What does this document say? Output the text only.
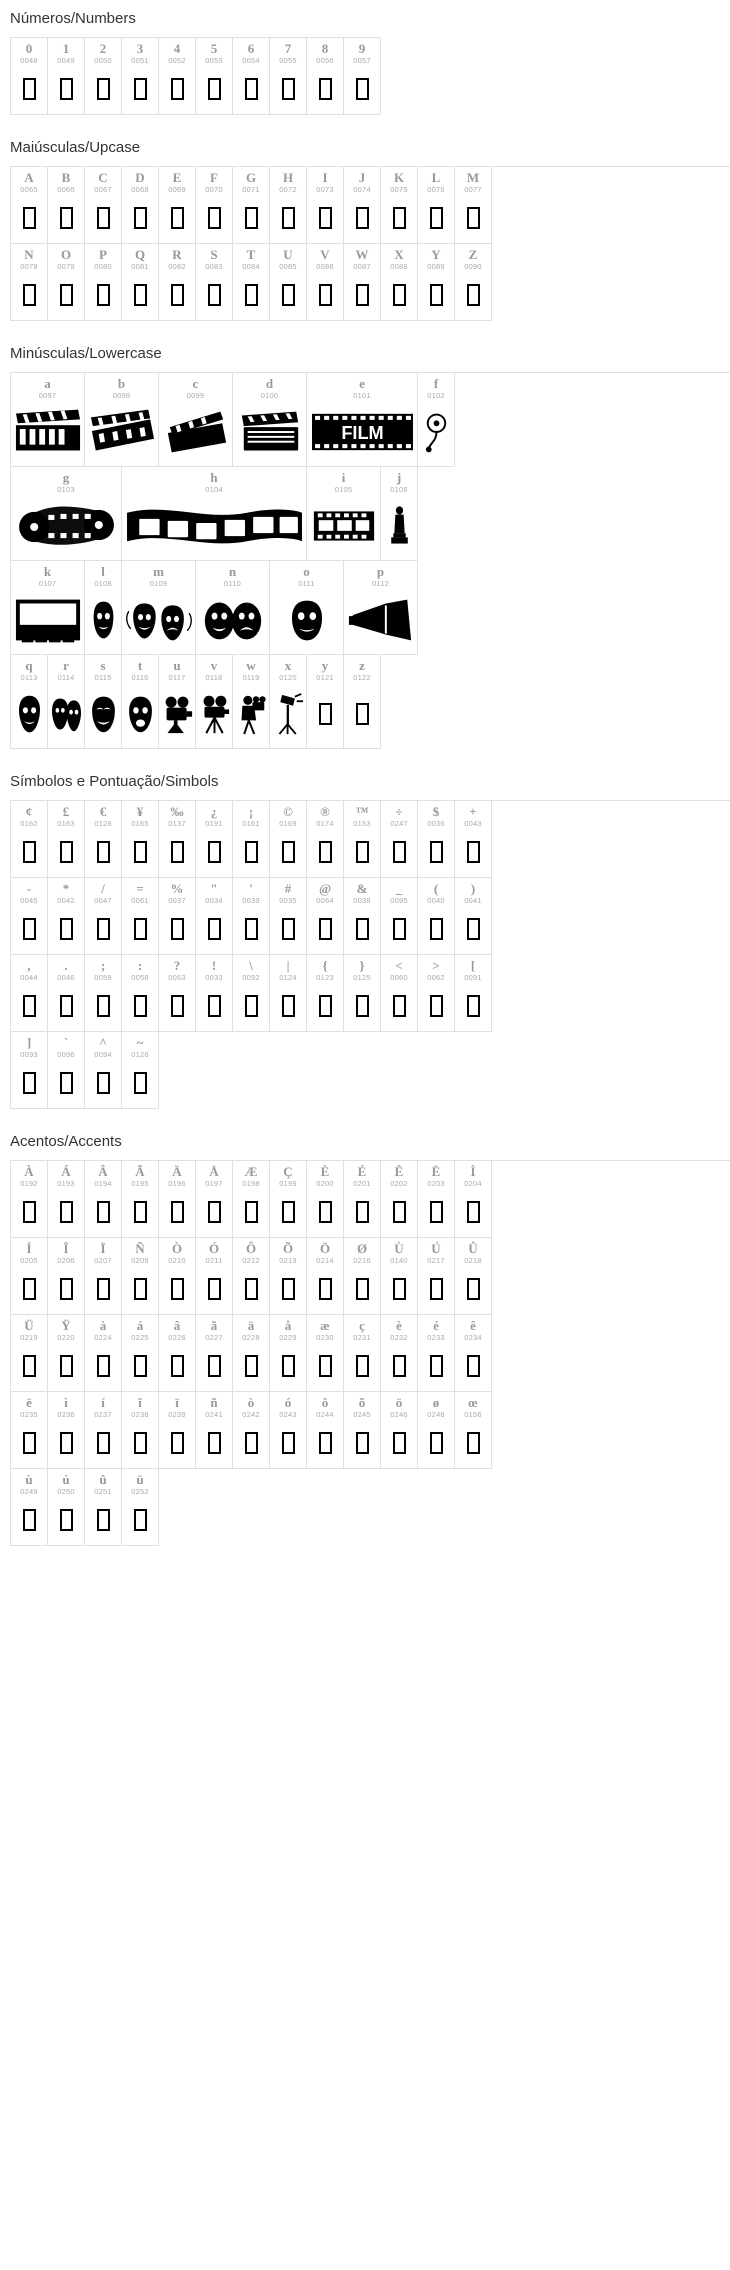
Números/Numbers
0
0048
1
0049
2
0050
3
0051
4
0052
5
0053
6
0054
7
0055
8
0056
9
0057
Maiúsculas/Upcase
A
0065
B
0066
C
0067
D
0068
E
0069
F
0070
G
0071
H
0072
I
0073
J
0074
K
0075
L
0076
M
0077
N
0078
O
0079
P
0080
Q
0081
R
0082
S
0083
T
0084
U
0085
V
0086
W
0087
X
0088
Y
0089
Z
0090
Minúsculas/Lowercase
a
0097
b
0098
c
0099
d
0100
e
0101
FILM
f
0102
g
0103
h
0104
i
0105
j
0106
k
0107
l
0108
m
0109
n
0110
o
0111
p
0112
q
0113
r
0114
s
0115
t
0116
u
0117
v
0118
w
0119
x
0120
y
0121
z
0122
Símbolos e Pontuação/Simbols
¢
0162
£
0163
€
0128
¥
0165
‰
0137
¿
0191
¡
0161
©
0169
®
0174
™
0153
÷
0247
$
0036
+
0043
-
0045
*
0042
/
0047
=
0061
%
0037
"
0034
'
0039
#
0035
@
0064
&
0038
_
0095
(
0040
)
0041
,
0044
.
0046
;
0059
:
0058
?
0063
!
0033
\
0092
|
0124
{
0123
}
0125
<
0060
>
0062
[
0091
]
0093
`
0096
^
0094
~
0126
Acentos/Accents
À
0192
Á
0193
Â
0194
Ã
0195
Ä
0196
Å
0197
Æ
0198
Ç
0199
È
0200
É
0201
Ê
0202
Ë
0203
Ì
0204
Í
0205
Î
0206
Ï
0207
Ñ
0209
Ò
0210
Ó
0211
Ô
0212
Õ
0213
Ö
0214
Ø
0216
Ù
0140
Ú
0217
Û
0218
Ü
0219
Ÿ
0220
à
0224
á
0225
â
0226
ã
0227
ä
0228
å
0229
æ
0230
ç
0231
è
0232
é
0233
ê
0234
ë
0235
ì
0236
í
0237
î
0238
ï
0239
ñ
0241
ò
0242
ó
0243
ô
0244
õ
0245
ö
0246
ø
0248
œ
0156
ù
0249
ú
0250
û
0251
ü
0252
